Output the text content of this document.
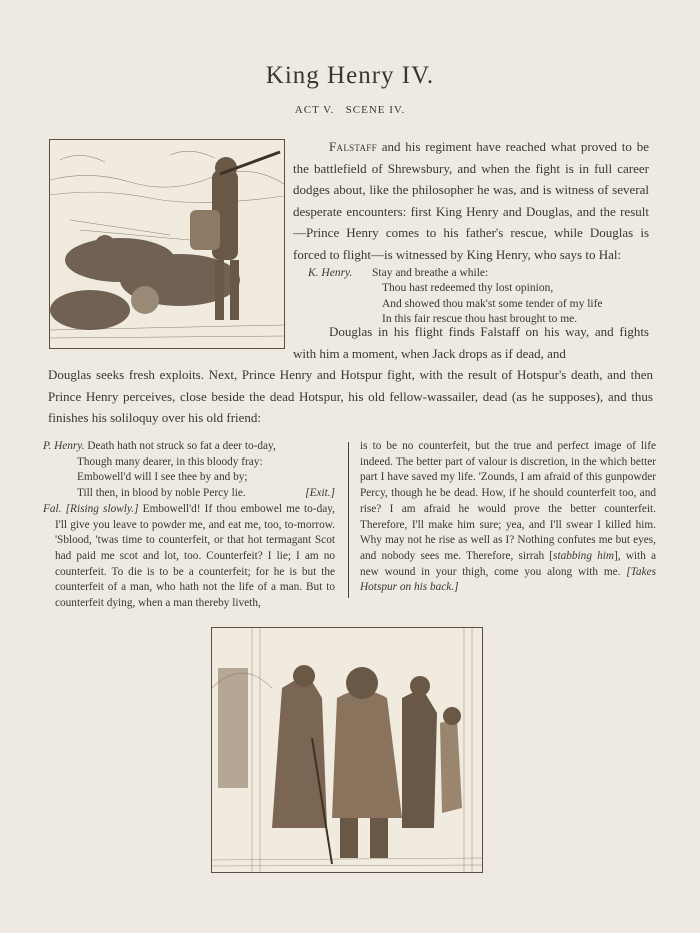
King Henry IV.
ACT V.   SCENE IV.

Falstaff and his regiment have reached what proved to be the battlefield of Shrewsbury, and when the fight is in full career dodges about, like the philosopher he was, and is witness of several desperate encounters: first King Henry and Douglas, and the result—Prince Henry comes to his father's rescue, while Douglas is forced to flight—is witnessed by King Henry, who says to Hal:

K. Henry. Stay and breathe a while:
Thou hast redeemed thy lost opinion,
And showed thou mak'st some tender of my life
In this fair rescue thou hast brought to me.
Douglas in his flight finds Falstaff on his way, and fights with him a moment, when Jack drops as if dead, and
Douglas seeks fresh exploits. Next, Prince Henry and Hotspur fight, with the result of Hotspur's death, and then Prince Henry perceives, close beside the dead Hotspur, his old fellow-wassailer, dead (as he supposes), and thus finishes his soliloquy over his old friend:

P. Henry. Death hath not struck so fat a deer to-day,

Though many dearer, in this bloody fray:

Embowell'd will I see thee by and by;

Till then, in blood by noble Percy lie.	[Exit.]

Fal. [Rising slowly.] Embowell'd! If thou embowel me to-day, I'll give you leave to powder me, and eat me, too, to-morrow. 'Sblood, 'twas time to counterfeit, or that hot termagant Scot had paid me scot and lot, too. Counterfeit? I lie; I am no counterfeit. To die is to be a counterfeit; for he is but the counterfeit of a man, who hath not the life of a man. But to counterfeit dying, when a man thereby liveth,

is to be no counterfeit, but the true and perfect image of life indeed. The better part of valour is discretion, in the which better part I have saved my life. 'Zounds, I am afraid of this gunpowder Percy, though he be dead. How, if he should counterfeit too, and rise? I am afraid he would prove the better counterfeit. Therefore, I'll make him sure; yea, and I'll swear I killed him. Why may not he rise as well as I? Nothing confutes me but eyes, and nobody sees me. Therefore, sirrah [stabbing him], with a new wound in your thigh, come you along with me. [Takes Hotspur on his back.]
